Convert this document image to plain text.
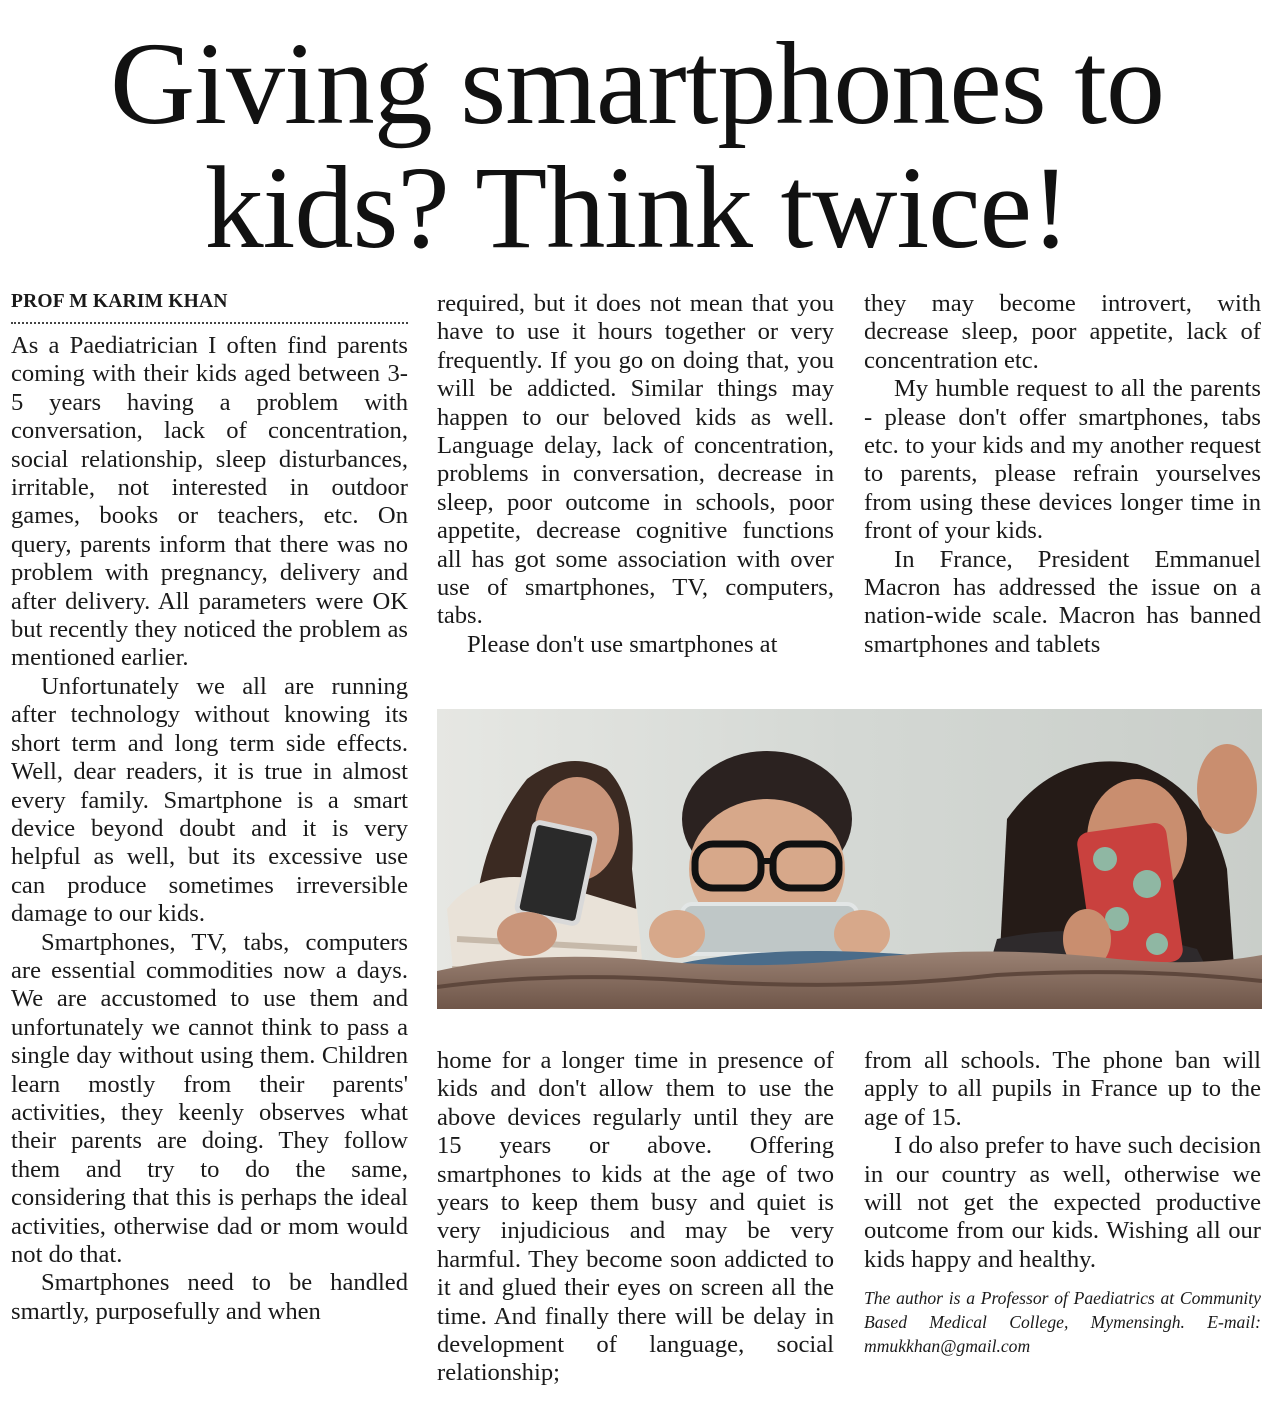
Giving smartphones to
kids? Think twice!
PROF M KARIM KHAN

As a Paediatrician I often find parents coming with their kids aged between 3-5 years having a problem with conversation, lack of concentration, social relationship, sleep disturbances, irritable, not interested in outdoor games, books or teachers, etc. On query, parents inform that there was no problem with pregnancy, delivery and after delivery. All parameters were OK but recently they noticed the problem as mentioned earlier.

Unfortunately we all are running after technology without knowing its short term and long term side effects. Well, dear readers, it is true in almost every family. Smartphone is a smart device beyond doubt and it is very helpful as well, but its excessive use can produce sometimes irreversible damage to our kids.

Smartphones, TV, tabs, computers are essential commodities now a days. We are accustomed to use them and unfortunately we cannot think to pass a single day without using them. Children learn mostly from their parents' activities, they keenly observes what their parents are doing. They follow them and try to do the same, considering that this is perhaps the ideal activities, otherwise dad or mom would not do that.

Smartphones need to be handled smartly, purposefully and when

required, but it does not mean that you have to use it hours together or very frequently. If you go on doing that, you will be addicted. Similar things may happen to our beloved kids as well. Language delay, lack of concentration, problems in conversation, decrease in sleep, poor outcome in schools, poor appetite, decrease cognitive functions all has got some association with over use of smartphones, TV, computers, tabs.

Please don't use smartphones at

they may become introvert, with decrease sleep, poor appetite, lack of concentration etc.

My humble request to all the parents - please don't offer smartphones, tabs etc. to your kids and my another request to parents, please refrain yourselves from using these devices longer time in front of your kids.

In France, President Emmanuel Macron has addressed the issue on a nation-wide scale. Macron has banned smartphones and tablets

home for a longer time in presence of kids and don't allow them to use the above devices regularly until they are 15 years or above. Offering smartphones to kids at the age of two years to keep them busy and quiet is very injudicious and may be very harmful. They become soon addicted to it and glued their eyes on screen all the time. And finally there will be delay in development of language, social relationship;

from all schools. The phone ban will apply to all pupils in France up to the age of 15.

I do also prefer to have such decision in our country as well, otherwise we will not get the expected productive outcome from our kids. Wishing all our kids happy and healthy.

The author is a Professor of Paediatrics at Community Based Medical College, Mymensingh. E-mail: mmukkhan@gmail.com
